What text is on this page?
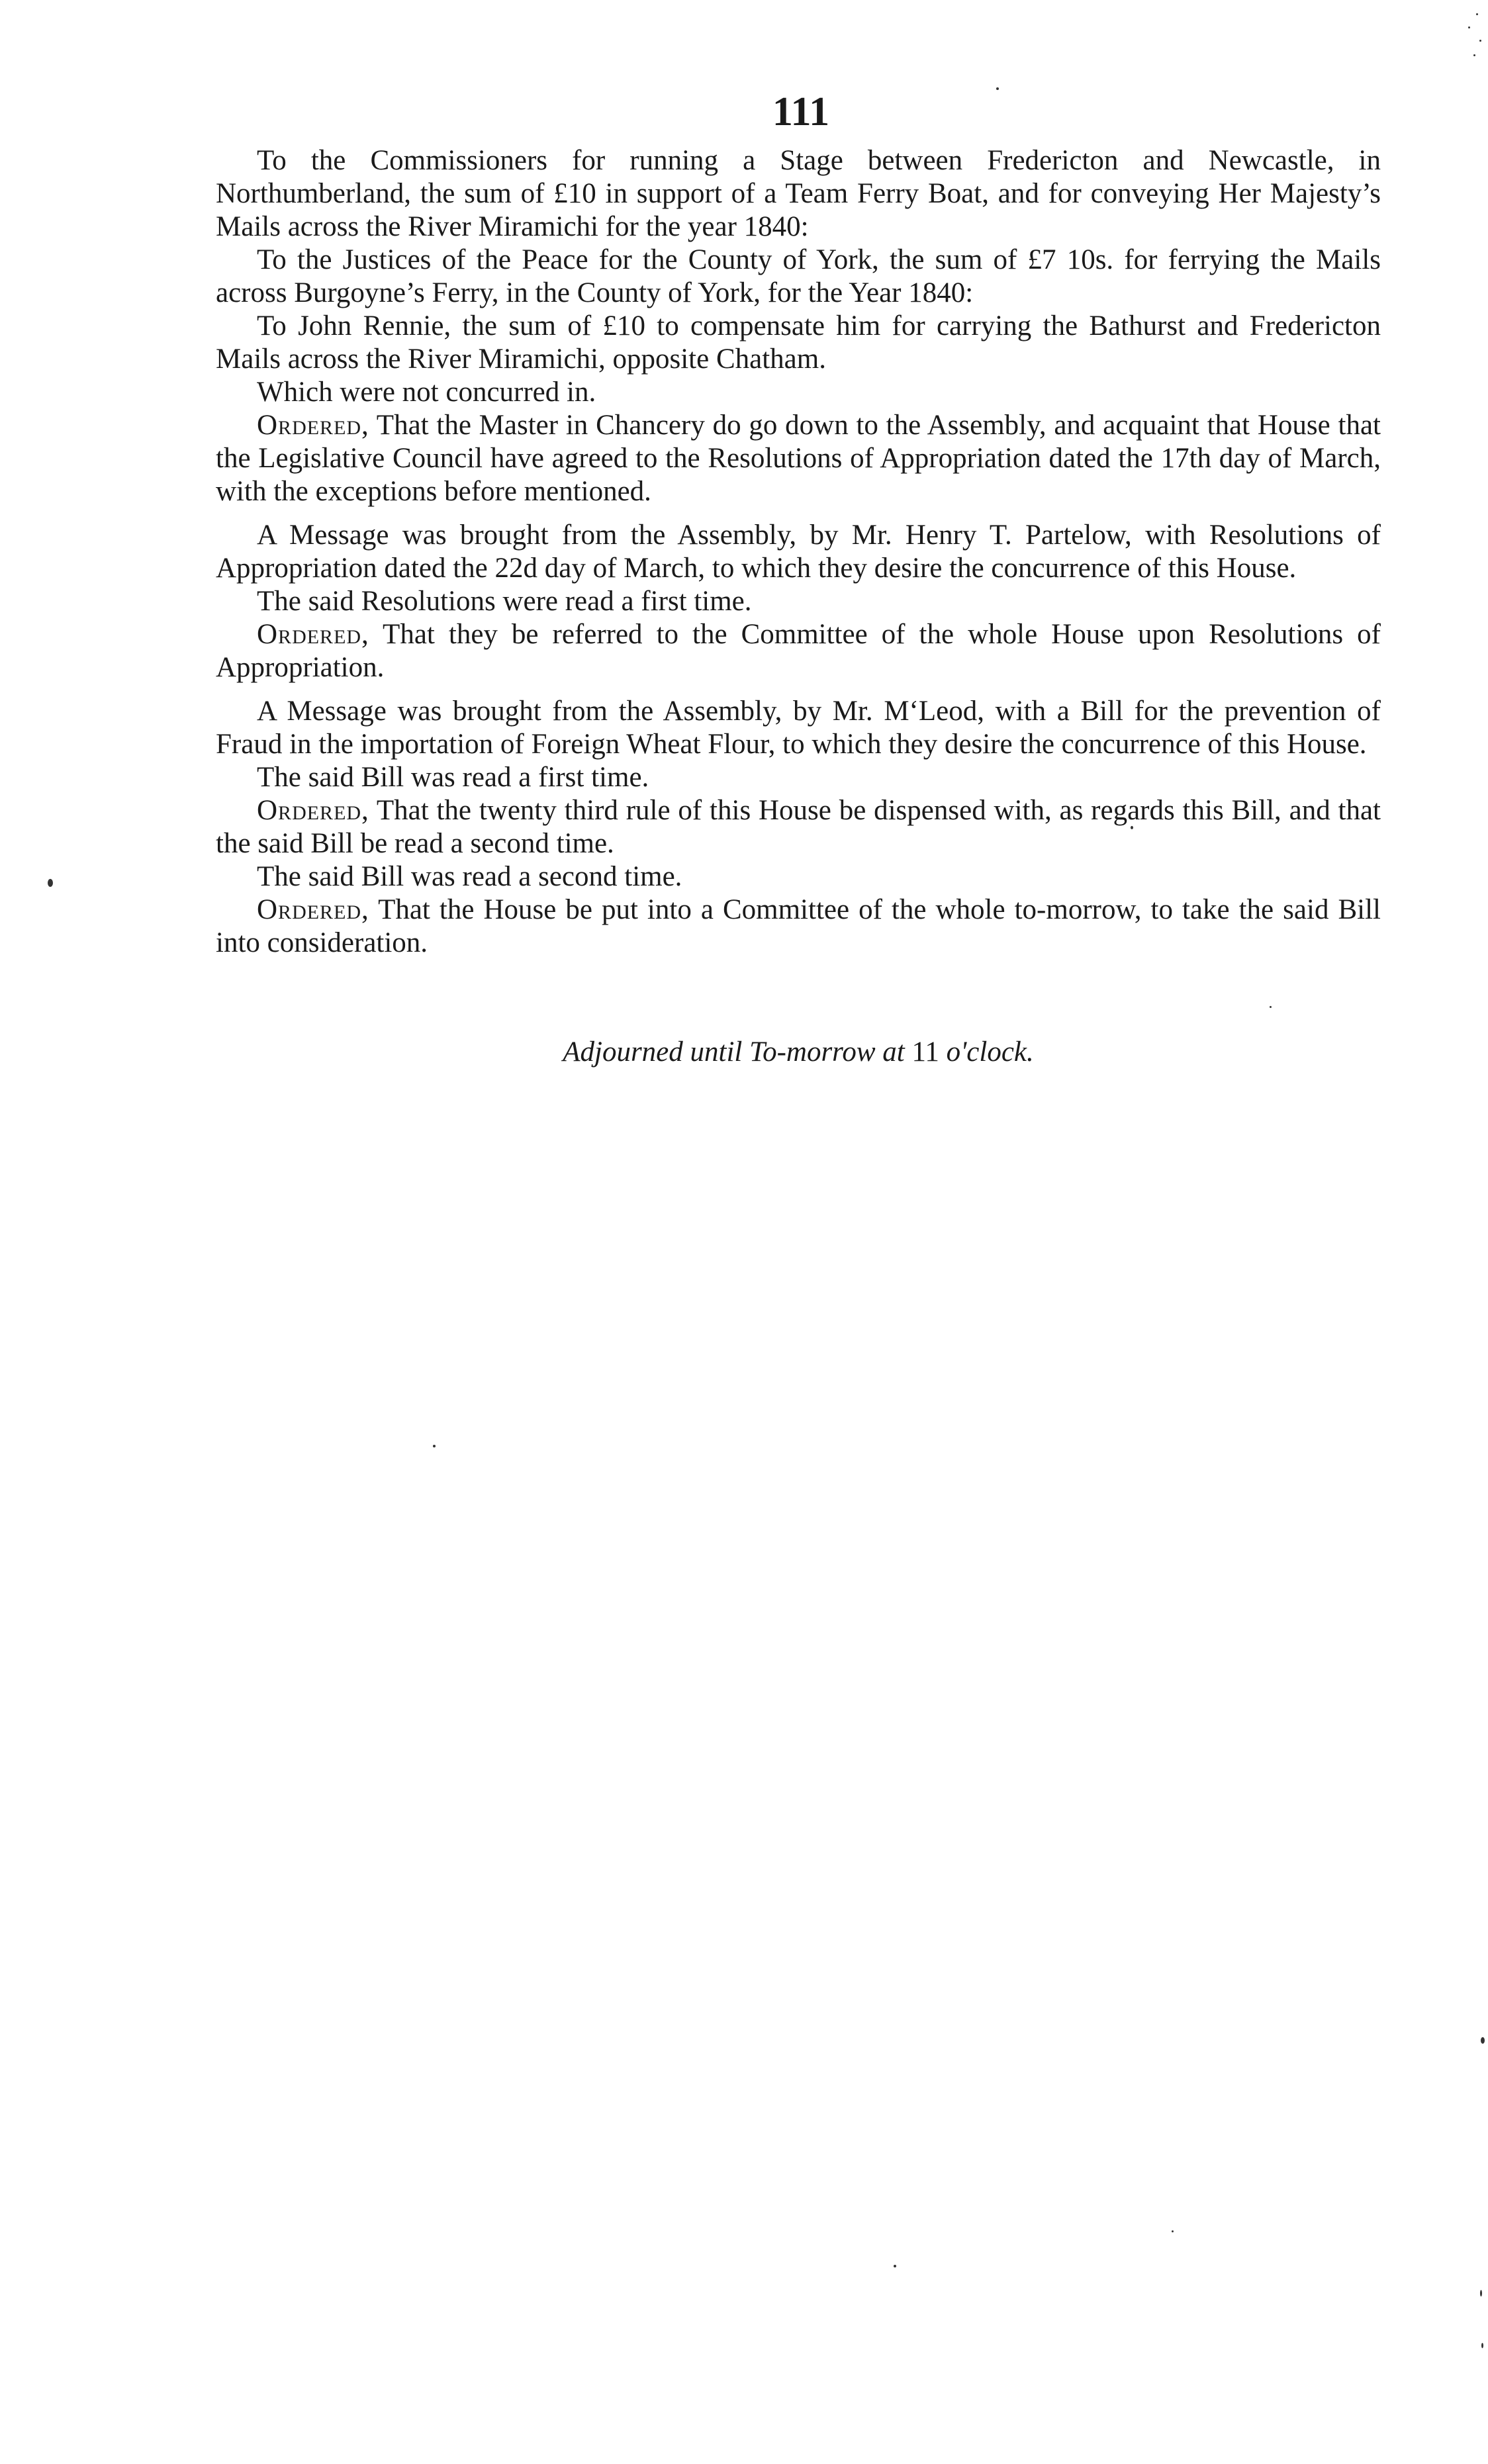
111

To the Commissioners for running a Stage between Fredericton and Newcastle, in Northumberland, the sum of £10 in support of a Team Ferry Boat, and for conveying Her Majesty’s Mails across the River Miramichi for the year 1840:

To the Justices of the Peace for the County of York, the sum of £7 10s. for ferrying the Mails across Burgoyne’s Ferry, in the County of York, for the Year 1840:

To John Rennie, the sum of £10 to compensate him for carrying the Bathurst and Fredericton Mails across the River Miramichi, opposite Chatham.

Which were not concurred in.

Ordered, That the Master in Chancery do go down to the Assembly, and acquaint that House that the Legislative Council have agreed to the Resolutions of Appropriation dated the 17th day of March, with the exceptions before mentioned.

A Message was brought from the Assembly, by Mr. Henry T. Partelow, with Resolutions of Appropriation dated the 22d day of March, to which they desire the concurrence of this House.

The said Resolutions were read a first time.

Ordered, That they be referred to the Committee of the whole House upon Resolutions of Appropriation.

A Message was brought from the Assembly, by Mr. M‘Leod, with a Bill for the prevention of Fraud in the importation of Foreign Wheat Flour, to which they desire the concurrence of this House.

The said Bill was read a first time.

Ordered, That the twenty third rule of this House be dispensed with, as regards this Bill, and that the said Bill be read a second time.

The said Bill was read a second time.

Ordered, That the House be put into a Committee of the whole to-morrow, to take the said Bill into consideration.

Adjourned until To-morrow at 11 o'clock.
